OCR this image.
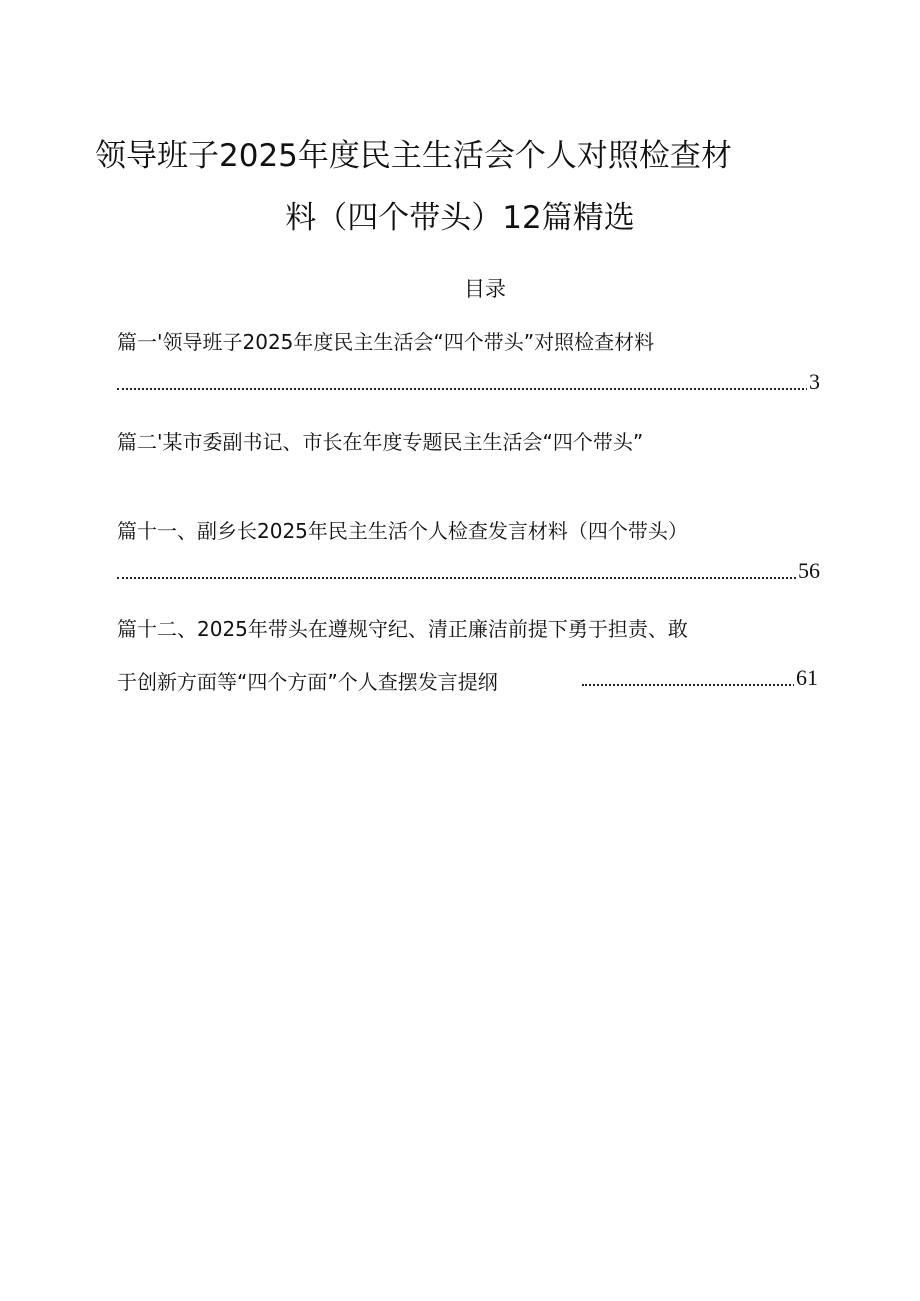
领导班子2025年度民主生活会个人对照检查材
料（四个带头）12篇精选
目录
篇一'领导班子2025年度民主生活会“四个带头”对照检查材料
3
篇二'某市委副书记、市长在年度专题民主生活会“四个带头”
篇十一、副乡长2025年民主生活个人检查发言材料（四个带头）
56
篇十二、2025年带头在遵规守纪、清正廉洁前提下勇于担责、敢
于创新方面等“四个方面”个人查摆发言提纲	61
